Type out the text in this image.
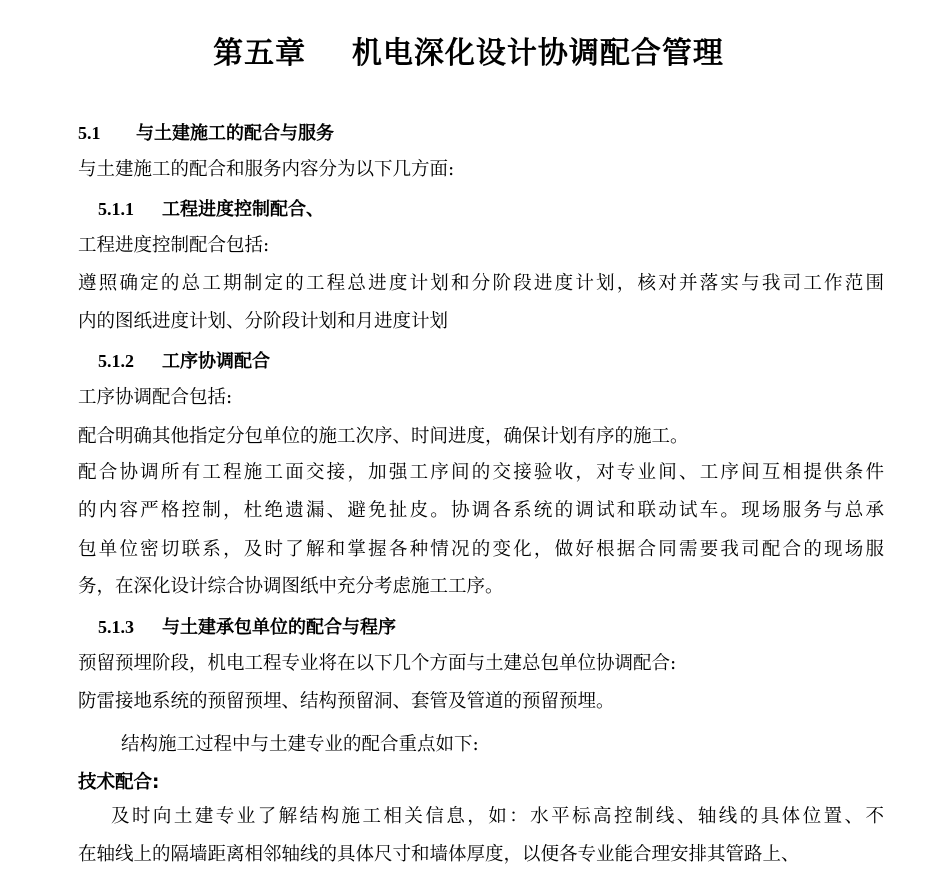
第五章    机电深化设计协调配合管理
5.1 与土建施工的配合与服务
与土建施工的配合和服务内容分为以下几方面:
5.1.1 工程进度控制配合、
工程进度控制配合包括:
遵照确定的总工期制定的工程总进度计划和分阶段进度计划，核对并落实与我司工作范围
内的图纸进度计划、分阶段计划和月进度计划
5.1.2 工序协调配合
工序协调配合包括:
配合明确其他指定分包单位的施工次序、时间进度，确保计划有序的施工。
配合协调所有工程施工面交接，加强工序间的交接验收，对专业间、工序间互相提供条件
的内容严格控制，杜绝遗漏、避免扯皮。协调各系统的调试和联动试车。现场服务与总承
包单位密切联系，及时了解和掌握各种情况的变化，做好根据合同需要我司配合的现场服
务，在深化设计综合协调图纸中充分考虑施工工序。
5.1.3 与土建承包单位的配合与程序
预留预埋阶段，机电工程专业将在以下几个方面与土建总包单位协调配合:
防雷接地系统的预留预埋、结构预留洞、套管及管道的预留预埋。
结构施工过程中与土建专业的配合重点如下:
技术配合:
及时向土建专业了解结构施工相关信息，如：水平标高控制线、轴线的具体位置、不
在轴线上的隔墙距离相邻轴线的具体尺寸和墙体厚度，以便各专业能合理安排其管路上、
